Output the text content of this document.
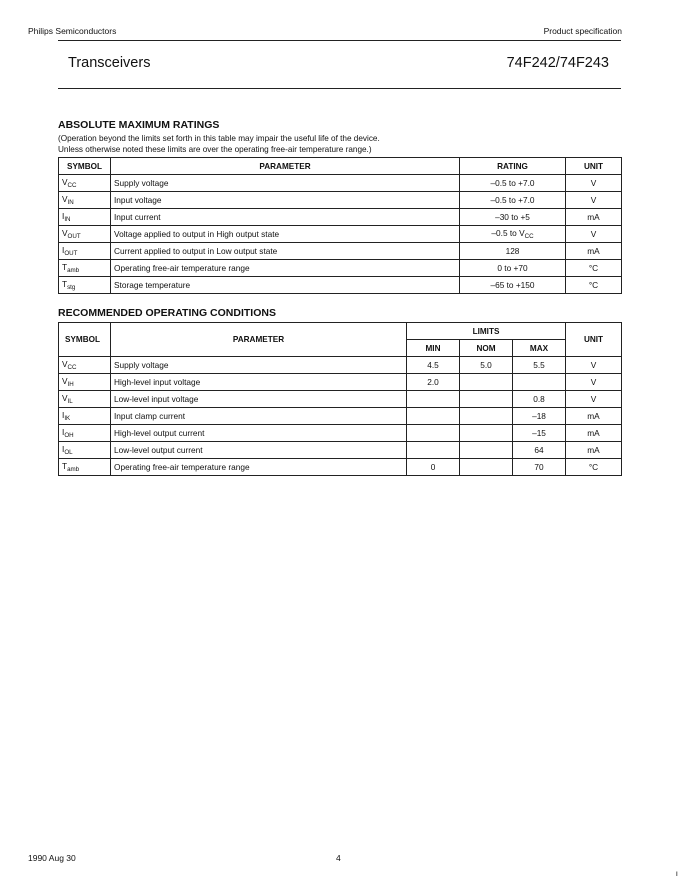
Philips Semiconductors	Product specification
Transceivers	74F242/74F243
ABSOLUTE MAXIMUM RATINGS
(Operation beyond the limits set forth in this table may impair the useful life of the device.
Unless otherwise noted these limits are over the operating free-air temperature range.)
SYMBOL	PARAMETER	RATING	UNIT
$V_{CC}$	Supply voltage	–0.5 to +7.0	V
$V_{IN}$	Input voltage	–0.5 to +7.0	V
$I_{IN}$	Input current	–30 to +5	mA
$V_{OUT}$	Voltage applied to output in High output state	–0.5 to $V_{CC}$	V
$I_{OUT}$	Current applied to output in Low output state	128	mA
$T_{amb}$	Operating free-air temperature range	0 to +70	°C
$T_{stg}$	Storage temperature	–65 to +150	°C
RECOMMENDED OPERATING CONDITIONS
SYMBOL	PARAMETER	LIMITS			UNIT
		MIN	NOM	MAX	
$V_{CC}$	Supply voltage	4.5	5.0	5.5	V
$V_{IH}$	High-level input voltage	2.0			V
$V_{IL}$	Low-level input voltage			0.8	V
$I_{IK}$	Input clamp current			–18	mA
$I_{OH}$	High-level output current			–15	mA
$I_{OL}$	Low-level output current			64	mA
$T_{amb}$	Operating free-air temperature range	0		70	°C
1990 Aug 30	4
ı
